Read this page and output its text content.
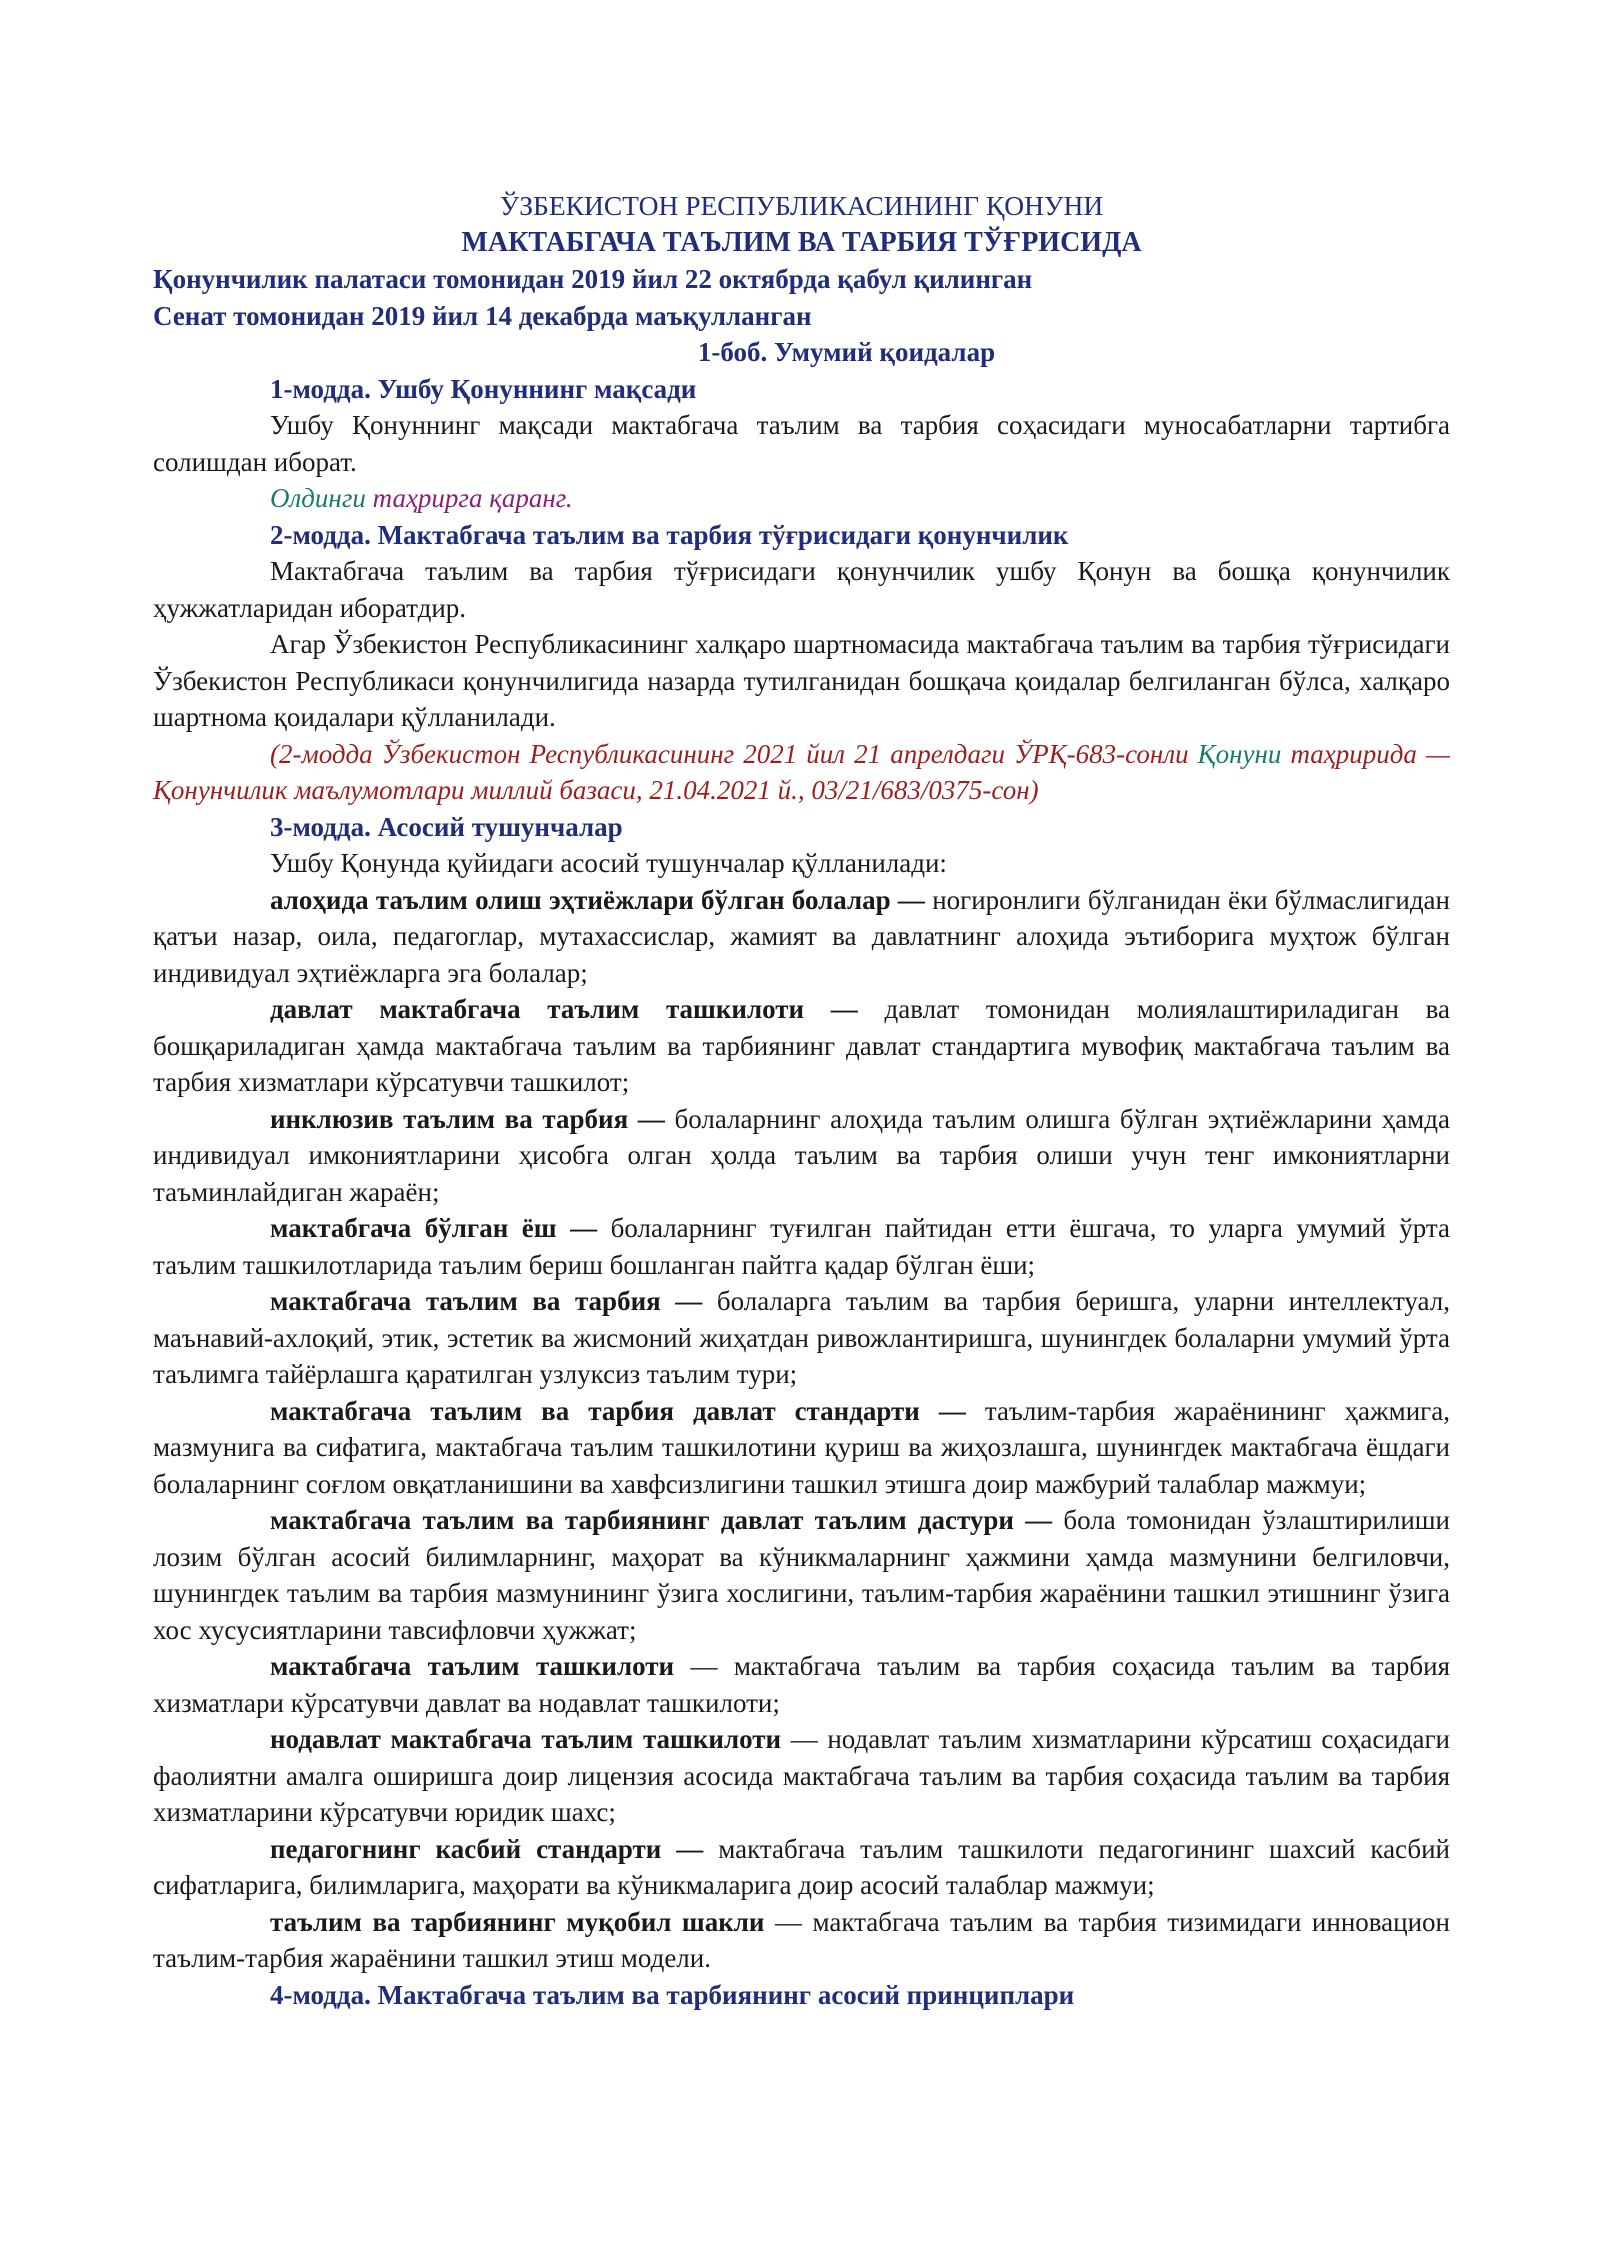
ЎЗБЕКИСТОН РЕСПУБЛИКАСИНИНГ ҚОНУНИ
МАКТАБГАЧА ТАЪЛИМ ВА ТАРБИЯ ТЎҒРИСИДА
Қонунчилик палатаси томонидан 2019 йил 22 октябрда қабул қилинган
Сенат томонидан 2019 йил 14 декабрда маъқулланган
1-боб. Умумий қоидалар
1-модда. Ушбу Қонуннинг мақсади

Ушбу Қонуннинг мақсади мактабгача таълим ва тарбия соҳасидаги муносабатларни тартибга солишдан иборат.

Олдинги таҳрирга қаранг.
2-модда. Мактабгача таълим ва тарбия тўғрисидаги қонунчилик

Мактабгача таълим ва тарбия тўғрисидаги қонунчилик ушбу Қонун ва бошқа қонунчилик ҳужжатларидан иборатдир.

Агар Ўзбекистон Республикасининг халқаро шартномасида мактабгача таълим ва тарбия тўғрисидаги Ўзбекистон Республикаси қонунчилигида назарда тутилганидан бошқача қоидалар белгиланган бўлса, халқаро шартнома қоидалари қўлланилади.

(2-модда Ўзбекистон Республикасининг 2021 йил 21 апрелдаги ЎРҚ-683-сонли Қонуни таҳририда — Қонунчилик маълумотлари миллий базаси, 21.04.2021 й., 03/21/683/0375-сон)
3-модда. Асосий тушунчалар

Ушбу Қонунда қуйидаги асосий тушунчалар қўлланилади:

алоҳида таълим олиш эҳтиёжлари бўлган болалар — ногиронлиги бўлганидан ёки бўлмаслигидан қатъи назар, оила, педагоглар, мутахассислар, жамият ва давлатнинг алоҳида эътиборига муҳтож бўлган индивидуал эҳтиёжларга эга болалар;

давлат мактабгача таълим ташкилоти — давлат томонидан молиялаштириладиган ва бошқариладиган ҳамда мактабгача таълим ва тарбиянинг давлат стандартига мувофиқ мактабгача таълим ва тарбия хизматлари кўрсатувчи ташкилот;

инклюзив таълим ва тарбия — болаларнинг алоҳида таълим олишга бўлган эҳтиёжларини ҳамда индивидуал имкониятларини ҳисобга олган ҳолда таълим ва тарбия олиши учун тенг имкониятларни таъминлайдиган жараён;

мактабгача бўлган ёш — болаларнинг туғилган пайтидан етти ёшгача, то уларга умумий ўрта таълим ташкилотларида таълим бериш бошланган пайтга қадар бўлган ёши;

мактабгача таълим ва тарбия — болаларга таълим ва тарбия беришга, уларни интеллектуал, маънавий-ахлоқий, этик, эстетик ва жисмоний жиҳатдан ривожлантиришга, шунингдек болаларни умумий ўрта таълимга тайёрлашга қаратилган узлуксиз таълим тури;

мактабгача таълим ва тарбия давлат стандарти — таълим-тарбия жараёнининг ҳажмига, мазмунига ва сифатига, мактабгача таълим ташкилотини қуриш ва жиҳозлашга, шунингдек мактабгача ёшдаги болаларнинг соғлом овқатланишини ва хавфсизлигини ташкил этишга доир мажбурий талаблар мажмуи;

мактабгача таълим ва тарбиянинг давлат таълим дастури — бола томонидан ўзлаштирилиши лозим бўлган асосий билимларнинг, маҳорат ва кўникмаларнинг ҳажмини ҳамда мазмунини белгиловчи, шунингдек таълим ва тарбия мазмунининг ўзига хослигини, таълим-тарбия жараёнини ташкил этишнинг ўзига хос хусусиятларини тавсифловчи ҳужжат;

мактабгача таълим ташкилоти — мактабгача таълим ва тарбия соҳасида таълим ва тарбия хизматлари кўрсатувчи давлат ва нодавлат ташкилоти;

нодавлат мактабгача таълим ташкилоти — нодавлат таълим хизматларини кўрсатиш соҳасидаги фаолиятни амалга оширишга доир лицензия асосида мактабгача таълим ва тарбия соҳасида таълим ва тарбия хизматларини кўрсатувчи юридик шахс;

педагогнинг касбий стандарти — мактабгача таълим ташкилоти педагогининг шахсий касбий сифатларига, билимларига, маҳорати ва кўникмаларига доир асосий талаблар мажмуи;

таълим ва тарбиянинг муқобил шакли — мактабгача таълим ва тарбия тизимидаги инновацион таълим-тарбия жараёнини ташкил этиш модели.

4-модда. Мактабгача таълим ва тарбиянинг асосий принциплари
